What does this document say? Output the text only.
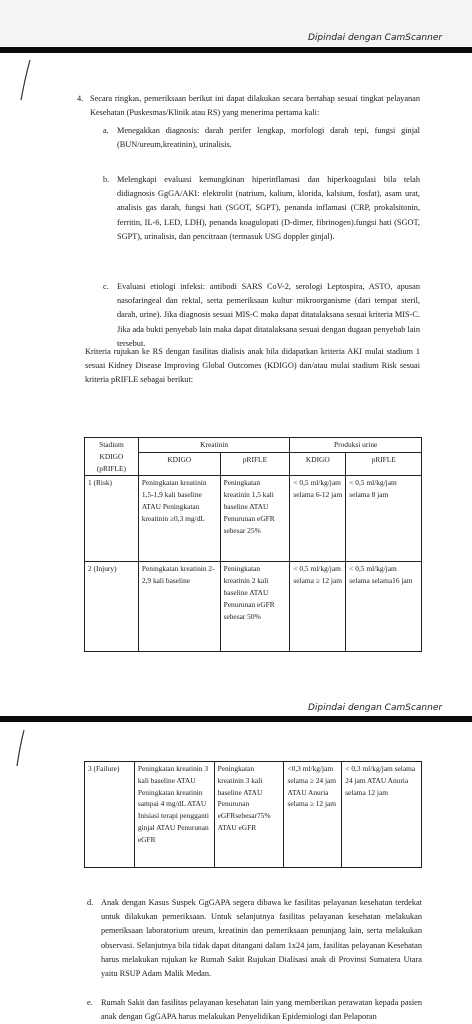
Dipindai dengan CamScanner
4. Secara ringkas, pemeriksaan berikut ini dapat dilakukan secara bertahap sesuai tingkat pelayanan Kesehatan (Puskesmas/Klinik atau RS) yang menerima pertama kali:

a. Menegakkan diagnosis: darah perifer lengkap, morfologi darah tepi, fungsi ginjal (BUN/ureum,kreatinin), urinalisis.

b. Melengkapi evaluasi kemungkinan hiperinflamasi dan hiperkoagulasi bila telah didiagnosis GgGA/AKI: elektrolit (natrium, kalium, klorida, kalsium, fosfat), asam urat, analisis gas darah, fungsi hati (SGOT, SGPT), penanda inflamasi (CRP, prokalsitonin, ferritin, IL-6, LED, LDH), penanda koagulopati (D-dimer, fibrinogen).fungsi hati (SGOT, SGPT), urinalisis, dan pencitraan (termasuk USG doppler ginjal).

c. Evaluasi etiologi infeksi: antibodi SARS CoV-2, serologi Leptospira, ASTO, apusan nasofaringeal dan rektal, serta pemeriksaan kultur mikroorganisme (dari tempat steril, darah, urine). Jika diagnosis sesuai MIS-C maka dapat ditatalaksana sesuai kriteria MIS-C. Jika ada bukti penyebab lain maka dapat ditatalaksana sesuai dengan dugaan penyebab lain tersebut.

Kriteria rujukan ke RS dengan fasilitas dialisis anak bila didapatkan kriteria AKI mulai stadium 1 sesuai Kidney Disease Improving Global Outcomes (KDIGO) dan/atau mulai stadium Risk sesuai kriteria pRIFLE sebagai berikut:

Stadium KDIGO (pRIFLE)	Kreatinin		Produksi urine	
	KDIGO	pRIFLE	KDIGO	pRIFLE
1 (Risk)	Peningkatan kreatinin 1,5-1,9 kali baseline ATAU Peningkatan kreatinin ≥0,3 mg/dL	Peningkatan kreatinin 1,5 kali baseline ATAU Penurunan eGFR sebesar 25%	< 0,5 ml/kg/jam selama 6-12 jam	< 0,5 ml/kg/jam selama 8 jam
2 (Injury)	Peningkatan kreatinin 2-2,9 kali baseline	Peningkatan kreatinin 2 kali baseline ATAU Penurunan eGFR sebesar 50%	< 0,5 ml/kg/jam selama ≥ 12 jam	< 0,5 ml/kg/jam selama selama16 jam
Dipindai dengan CamScanner
3 (Failure)	Peningkatan kreatinin 3 kali baseline ATAU Peningkatan kreatinin sampai 4 mg/dL ATAU Inisiasi terapi pengganti ginjal ATAU Penurunan eGFR	Peningkatan kreatinin 3 kali baseline ATAU Penurunan eGFRsebesar75% ATAU eGFR	<0,3 ml/kg/jam selama ≥ 24 jam ATAU Anuria selama ≥ 12 jam	< 0,3 ml/kg/jam selama 24 jam ATAU Anuria selama 12 jam
d. Anak dengan Kasus Suspek GgGAPA segera dibawa ke fasilitas pelayanan kesehatan terdekat untuk dilakukan pemeriksaan. Untuk selanjutnya fasilitas pelayanan kesehatan melakukan pemeriksaan laboratorium ureum, kreatinin dan pemeriksaan penunjang lain, serta melakukan observasi. Selanjutnya bila tidak dapat ditangani dalam 1x24 jam, fasilitas pelayanan Kesehatan harus melakukan rujukan ke Rumah Sakit Rujukan Dialisasi anak di Provinsi Sumatera Utara yaitu RSUP Adam Malik Medan.

e. Rumah Sakit dan fasilitas pelayanan kesehatan lain yang memberikan perawatan kepada pasien anak dengan GgGAPA harus melakukan Penyelidikan Epidemiologi dan Pelaporan
